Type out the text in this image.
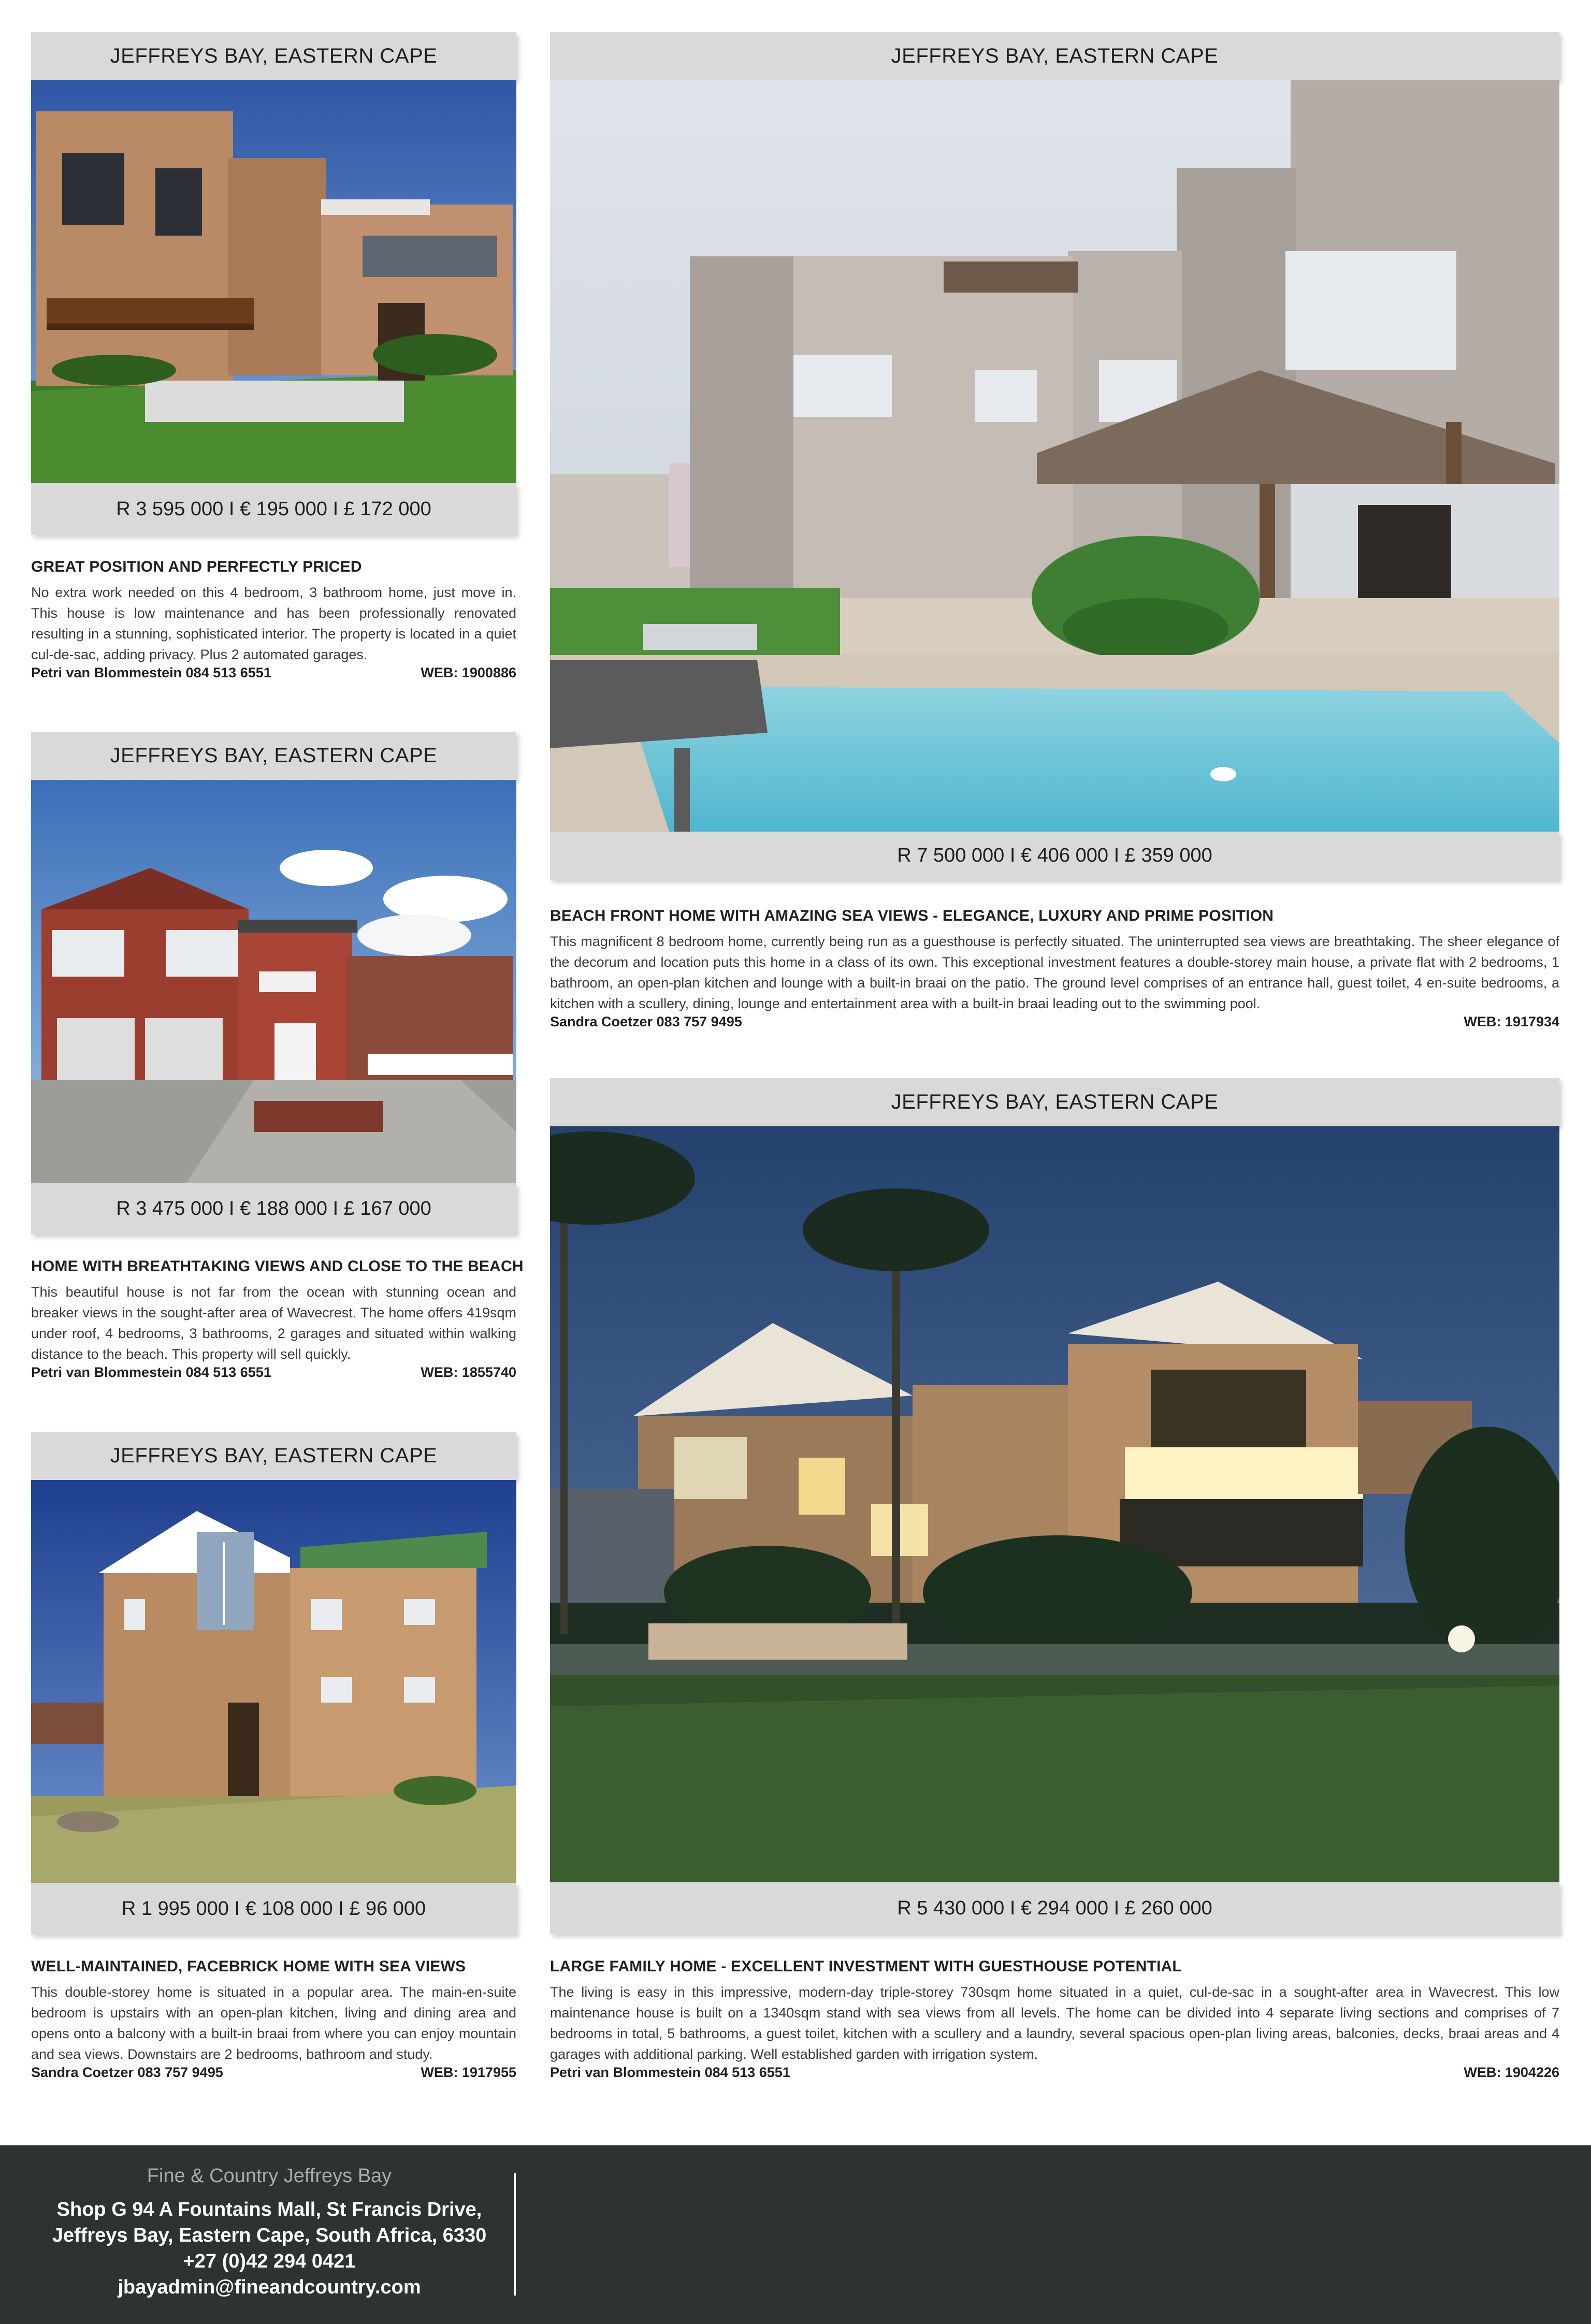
JEFFREYS BAY, EASTERN CAPE
R 3 595 000 I € 195 000 I £ 172 000

GREAT POSITION AND PERFECTLY PRICED

No extra work needed on this 4 bedroom, 3 bathroom home, just move in. This house is low maintenance and has been professionally renovated resulting in a stunning, sophisticated interior. The property is located in a quiet cul-de-sac, adding privacy. Plus 2 automated garages.

Petri van Blommestein 084 513 6551	WEB: 1900886
JEFFREYS BAY, EASTERN CAPE
R 3 475 000 I € 188 000 I £ 167 000

HOME WITH BREATHTAKING VIEWS AND CLOSE TO THE BEACH

This beautiful house is not far from the ocean with stunning ocean and breaker views in the sought-after area of Wavecrest. The home offers 419sqm under roof, 4 bedrooms, 3 bathrooms, 2 garages and situated within walking distance to the beach. This property will sell quickly.

Petri van Blommestein 084 513 6551	WEB: 1855740
JEFFREYS BAY, EASTERN CAPE
R 1 995 000 I € 108 000 I £ 96 000

WELL-MAINTAINED, FACEBRICK HOME WITH SEA VIEWS

This double-storey home is situated in a popular area. The main-en-suite bedroom is upstairs with an open-plan kitchen, living and dining area and opens onto a balcony with a built-in braai from where you can enjoy mountain and sea views. Downstairs are 2 bedrooms, bathroom and study.

Sandra Coetzer 083 757 9495	WEB: 1917955
JEFFREYS BAY, EASTERN CAPE
R 7 500 000 I € 406 000 I £ 359 000

BEACH FRONT HOME WITH AMAZING SEA VIEWS - ELEGANCE, LUXURY AND PRIME POSITION

This magnificent 8 bedroom home, currently being run as a guesthouse is perfectly situated. The uninterrupted sea views are breathtaking. The sheer elegance of the decorum and location puts this home in a class of its own. This exceptional investment features a double-storey main house, a private flat with 2 bedrooms, 1 bathroom, an open-plan kitchen and lounge with a built-in braai on the patio. The ground level comprises of an entrance hall, guest toilet, 4 en-suite bedrooms, a kitchen with a scullery, dining, lounge and entertainment area with a built-in braai leading out to the swimming pool.

Sandra Coetzer 083 757 9495	WEB: 1917934
JEFFREYS BAY, EASTERN CAPE
R 5 430 000 I € 294 000 I £ 260 000

LARGE FAMILY HOME - EXCELLENT INVESTMENT WITH GUESTHOUSE POTENTIAL

The living is easy in this impressive, modern-day triple-storey 730sqm home situated in a quiet, cul-de-sac in a sought-after area in Wavecrest. This low maintenance house is built on a 1340sqm stand with sea views from all levels. The home can be divided into 4 separate living sections and comprises of 7 bedrooms in total, 5 bathrooms, a guest toilet, kitchen with a scullery and a laundry, several spacious open-plan living areas, balconies, decks, braai areas and 4 garages with additional parking. Well established garden with irrigation system.

Petri van Blommestein 084 513 6551	WEB: 1904226
Fine & Country Jeffreys Bay
Shop G 94 A Fountains Mall, St Francis Drive,
Jeffreys Bay, Eastern Cape, South Africa, 6330
+27 (0)42 294 0421
jbayadmin@fineandcountry.com
